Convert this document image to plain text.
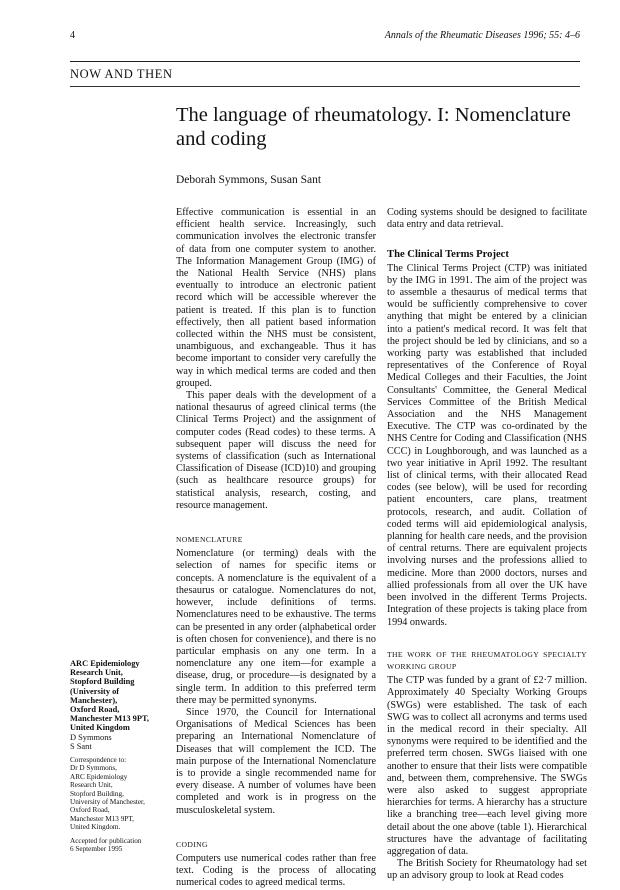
4	Annals of the Rheumatic Diseases 1996; 55: 4–6
NOW AND THEN
The language of rheumatology. I: Nomenclature and coding
Deborah Symmons, Susan Sant

Effective communication is essential in an efficient health service. Increasingly, such communication involves the electronic transfer of data from one computer system to another. The Information Management Group (IMG) of the National Health Service (NHS) plans eventually to introduce an electronic patient record which will be accessible wherever the patient is treated. If this plan is to function effectively, then all patient based information collected within the NHS must be consistent, unambiguous, and exchangeable. Thus it has become important to consider very carefully the way in which medical terms are coded and then grouped.

This paper deals with the development of a national thesaurus of agreed clinical terms (the Clinical Terms Project) and the assignment of computer codes (Read codes) to these terms. A subsequent paper will discuss the need for systems of classification (such as International Classification of Disease (ICD)10) and grouping (such as healthcare resource groups) for statistical analysis, research, costing, and resource management.

NOMENCLATURE

Nomenclature (or terming) deals with the selection of names for specific items or concepts. A nomenclature is the equivalent of a thesaurus or catalogue. Nomenclatures do not, however, include definitions of terms. Nomenclatures need to be exhaustive. The terms can be presented in any order (alphabetical order is often chosen for convenience), and there is no particular emphasis on any one term. In a nomenclature any one item—for example a disease, drug, or procedure—is designated by a single term. In addition to this preferred term there may be permitted synonyms.

Since 1970, the Council for International Organisations of Medical Sciences has been preparing an International Nomenclature of Diseases that will complement the ICD. The main purpose of the International Nomenclature is to provide a single recommended name for every disease. A number of volumes have been completed and work is in progress on the musculoskeletal system.

CODING

Computers use numerical codes rather than free text. Coding is the process of allocating numerical codes to agreed medical terms.

Coding systems should be designed to facilitate data entry and data retrieval.

The Clinical Terms Project

The Clinical Terms Project (CTP) was initiated by the IMG in 1991. The aim of the project was to assemble a thesaurus of medical terms that would be sufficiently comprehensive to cover anything that might be entered by a clinician into a patient's medical record. It was felt that the project should be led by clinicians, and so a working party was established that included representatives of the Conference of Royal Medical Colleges and their Faculties, the Joint Consultants' Committee, the General Medical Services Committee of the British Medical Association and the NHS Management Executive. The CTP was co-ordinated by the NHS Centre for Coding and Classification (NHS CCC) in Loughborough, and was launched as a two year initiative in April 1992. The resultant list of clinical terms, with their allocated Read codes (see below), will be used for recording patient encounters, care plans, treatment protocols, research, and audit. Collation of coded terms will aid epidemiological analysis, planning for health care needs, and the provision of central returns. There are equivalent projects involving nurses and the professions allied to medicine. More than 2000 doctors, nurses and allied professionals from all over the UK have been involved in the different Terms Projects. Integration of these projects is taking place from 1994 onwards.

THE WORK OF THE RHEUMATOLOGY SPECIALTY WORKING GROUP

The CTP was funded by a grant of £2·7 million. Approximately 40 Specialty Working Groups (SWGs) were established. The task of each SWG was to collect all acronyms and terms used in the medical record in their specialty. All synonyms were required to be identified and the preferred term chosen. SWGs liaised with one another to ensure that their lists were compatible and, between them, comprehensive. The SWGs were also asked to suggest appropriate hierarchies for terms. A hierarchy has a structure like a branching tree—each level giving more detail about the one above (table 1). Hierarchical structures have the advantage of facilitating aggregation of data.

The British Society for Rheumatology had set up an advisory group to look at Read codes

ARC Epidemiology
Research Unit,
Stopford Building
(University of
Manchester),
Oxford Road,
Manchester M13 9PT,
United Kingdom
D Symmons
S Sant
Correspondence to:
Dr D Symmons,
ARC Epidemiology
Research Unit,
Stopford Building,
University of Manchester,
Oxford Road,
Manchester M13 9PT,
United Kingdom.
Accepted for publication
6 September 1995
